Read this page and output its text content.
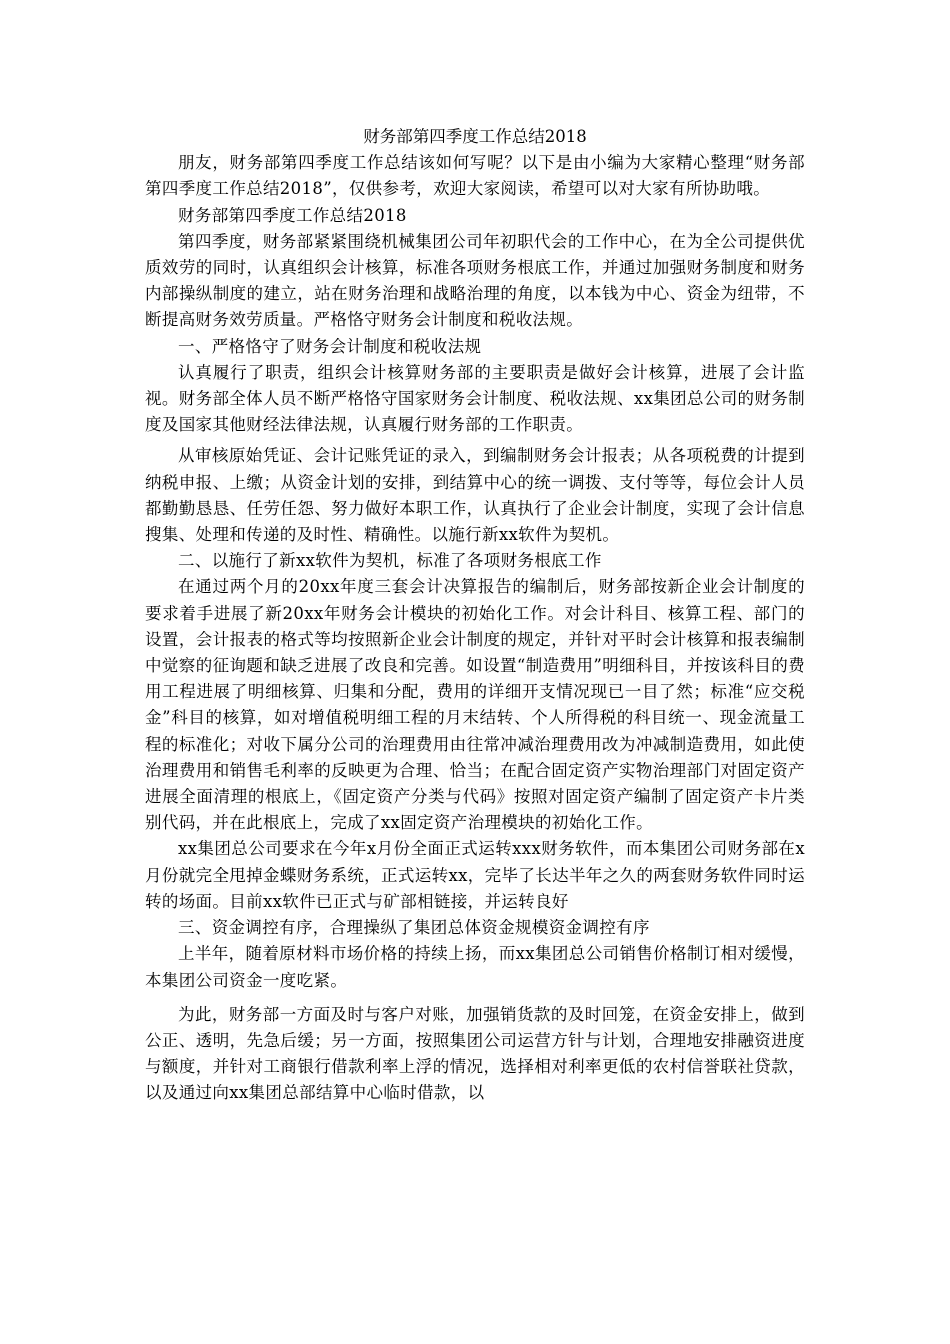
财务部第四季度工作总结2018

朋友，财务部第四季度工作总结该如何写呢？以下是由小编为大家精心整理“财务部第四季度工作总结2018”，仅供参考，欢迎大家阅读，希望可以对大家有所协助哦。

财务部第四季度工作总结2018

第四季度，财务部紧紧围绕机械集团公司年初职代会的工作中心，在为全公司提供优质效劳的同时，认真组织会计核算，标准各项财务根底工作，并通过加强财务制度和财务内部操纵制度的建立，站在财务治理和战略治理的角度，以本钱为中心、资金为纽带，不断提高财务效劳质量。严格恪守财务会计制度和税收法规。

一、严格恪守了财务会计制度和税收法规

认真履行了职责，组织会计核算财务部的主要职责是做好会计核算，进展了会计监视。财务部全体人员不断严格恪守国家财务会计制度、税收法规、xx集团总公司的财务制度及国家其他财经法律法规，认真履行财务部的工作职责。

从审核原始凭证、会计记账凭证的录入，到编制财务会计报表；从各项税费的计提到纳税申报、上缴；从资金计划的安排，到结算中心的统一调拨、支付等等，每位会计人员都勤勤恳恳、任劳任怨、努力做好本职工作，认真执行了企业会计制度，实现了会计信息搜集、处理和传递的及时性、精确性。以施行新xx软件为契机。

二、以施行了新xx软件为契机，标准了各项财务根底工作

在通过两个月的20xx年度三套会计决算报告的编制后，财务部按新企业会计制度的要求着手进展了新20xx年财务会计模块的初始化工作。对会计科目、核算工程、部门的设置，会计报表的格式等均按照新企业会计制度的规定，并针对平时会计核算和报表编制中觉察的征询题和缺乏进展了改良和完善。如设置“制造费用”明细科目，并按该科目的费用工程进展了明细核算、归集和分配，费用的详细开支情况现已一目了然；标准“应交税金”科目的核算，如对增值税明细工程的月末结转、个人所得税的科目统一、现金流量工程的标准化；对收下属分公司的治理费用由往常冲减治理费用改为冲减制造费用，如此使治理费用和销售毛利率的反映更为合理、恰当；在配合固定资产实物治理部门对固定资产进展全面清理的根底上，《固定资产分类与代码》按照对固定资产编制了固定资产卡片类别代码，并在此根底上，完成了xx固定资产治理模块的初始化工作。

xx集团总公司要求在今年x月份全面正式运转xxx财务软件，而本集团公司财务部在x月份就完全甩掉金蝶财务系统，正式运转xx，完毕了长达半年之久的两套财务软件同时运转的场面。目前xx软件已正式与矿部相链接，并运转良好

三、资金调控有序，合理操纵了集团总体资金规模资金调控有序

上半年，随着原材料市场价格的持续上扬，而xx集团总公司销售价格制订相对缓慢，本集团公司资金一度吃紧。

为此，财务部一方面及时与客户对账，加强销货款的及时回笼，在资金安排上，做到公正、透明，先急后缓；另一方面，按照集团公司运营方针与计划，合理地安排融资进度与额度，并针对工商银行借款利率上浮的情况，选择相对利率更低的农村信誉联社贷款，以及通过向xx集团总部结算中心临时借款，以
